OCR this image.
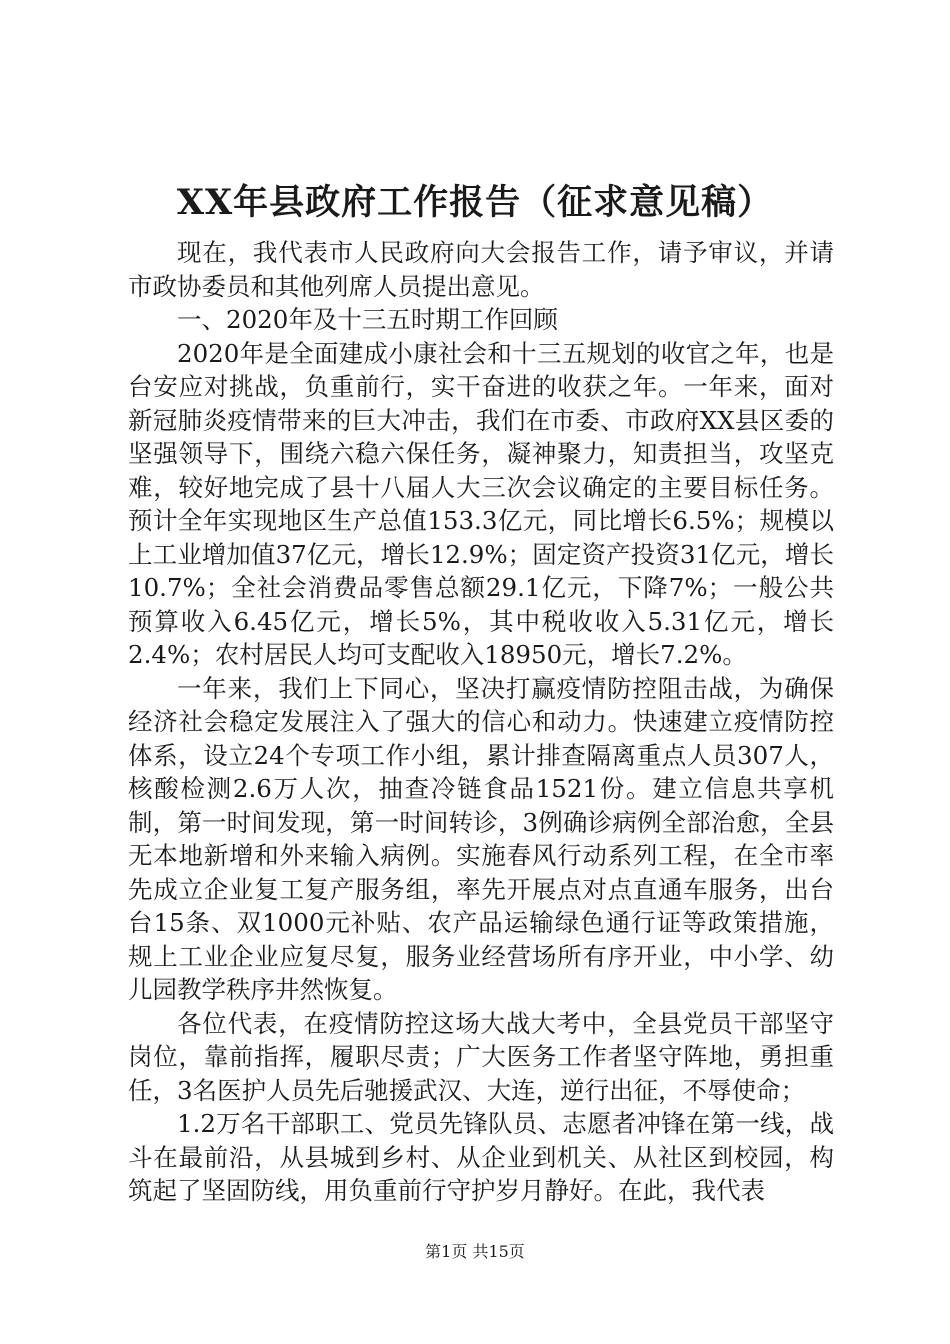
XX年县政府工作报告（征求意见稿）

现在，我代表市人民政府向大会报告工作，请予审议，并请市政协委员和其他列席人员提出意见。

一、2020年及十三五时期工作回顾

2020年是全面建成小康社会和十三五规划的收官之年，也是台安应对挑战，负重前行，实干奋进的收获之年。一年来，面对新冠肺炎疫情带来的巨大冲击，我们在市委、市政府XX县区委的坚强领导下，围绕六稳六保任务，凝神聚力，知责担当，攻坚克难，较好地完成了县十八届人大三次会议确定的主要目标任务。预计全年实现地区生产总值153.3亿元，同比增长6.5%；规模以上工业增加值37亿元，增长12.9%；固定资产投资31亿元，增长10.7%；全社会消费品零售总额29.1亿元，下降7%；一般公共预算收入6.45亿元，增长5%，其中税收收入5.31亿元，增长2.4%；农村居民人均可支配收入18950元，增长7.2%。

一年来，我们上下同心，坚决打赢疫情防控阻击战，为确保经济社会稳定发展注入了强大的信心和动力。快速建立疫情防控体系，设立24个专项工作小组，累计排查隔离重点人员307人，核酸检测2.6万人次，抽查冷链食品1521份。建立信息共享机制，第一时间发现，第一时间转诊，3例确诊病例全部治愈，全县无本地新增和外来输入病例。实施春风行动系列工程，在全市率先成立企业复工复产服务组，率先开展点对点直通车服务，出台台15条、双1000元补贴、农产品运输绿色通行证等政策措施，规上工业企业应复尽复，服务业经营场所有序开业，中小学、幼儿园教学秩序井然恢复。

各位代表，在疫情防控这场大战大考中，全县党员干部坚守岗位，靠前指挥，履职尽责；广大医务工作者坚守阵地，勇担重任，3名医护人员先后驰援武汉、大连，逆行出征，不辱使命；

1.2万名干部职工、党员先锋队员、志愿者冲锋在第一线，战斗在最前沿，从县城到乡村、从企业到机关、从社区到校园，构筑起了坚固防线，用负重前行守护岁月静好。在此，我代表

第1页 共15页
